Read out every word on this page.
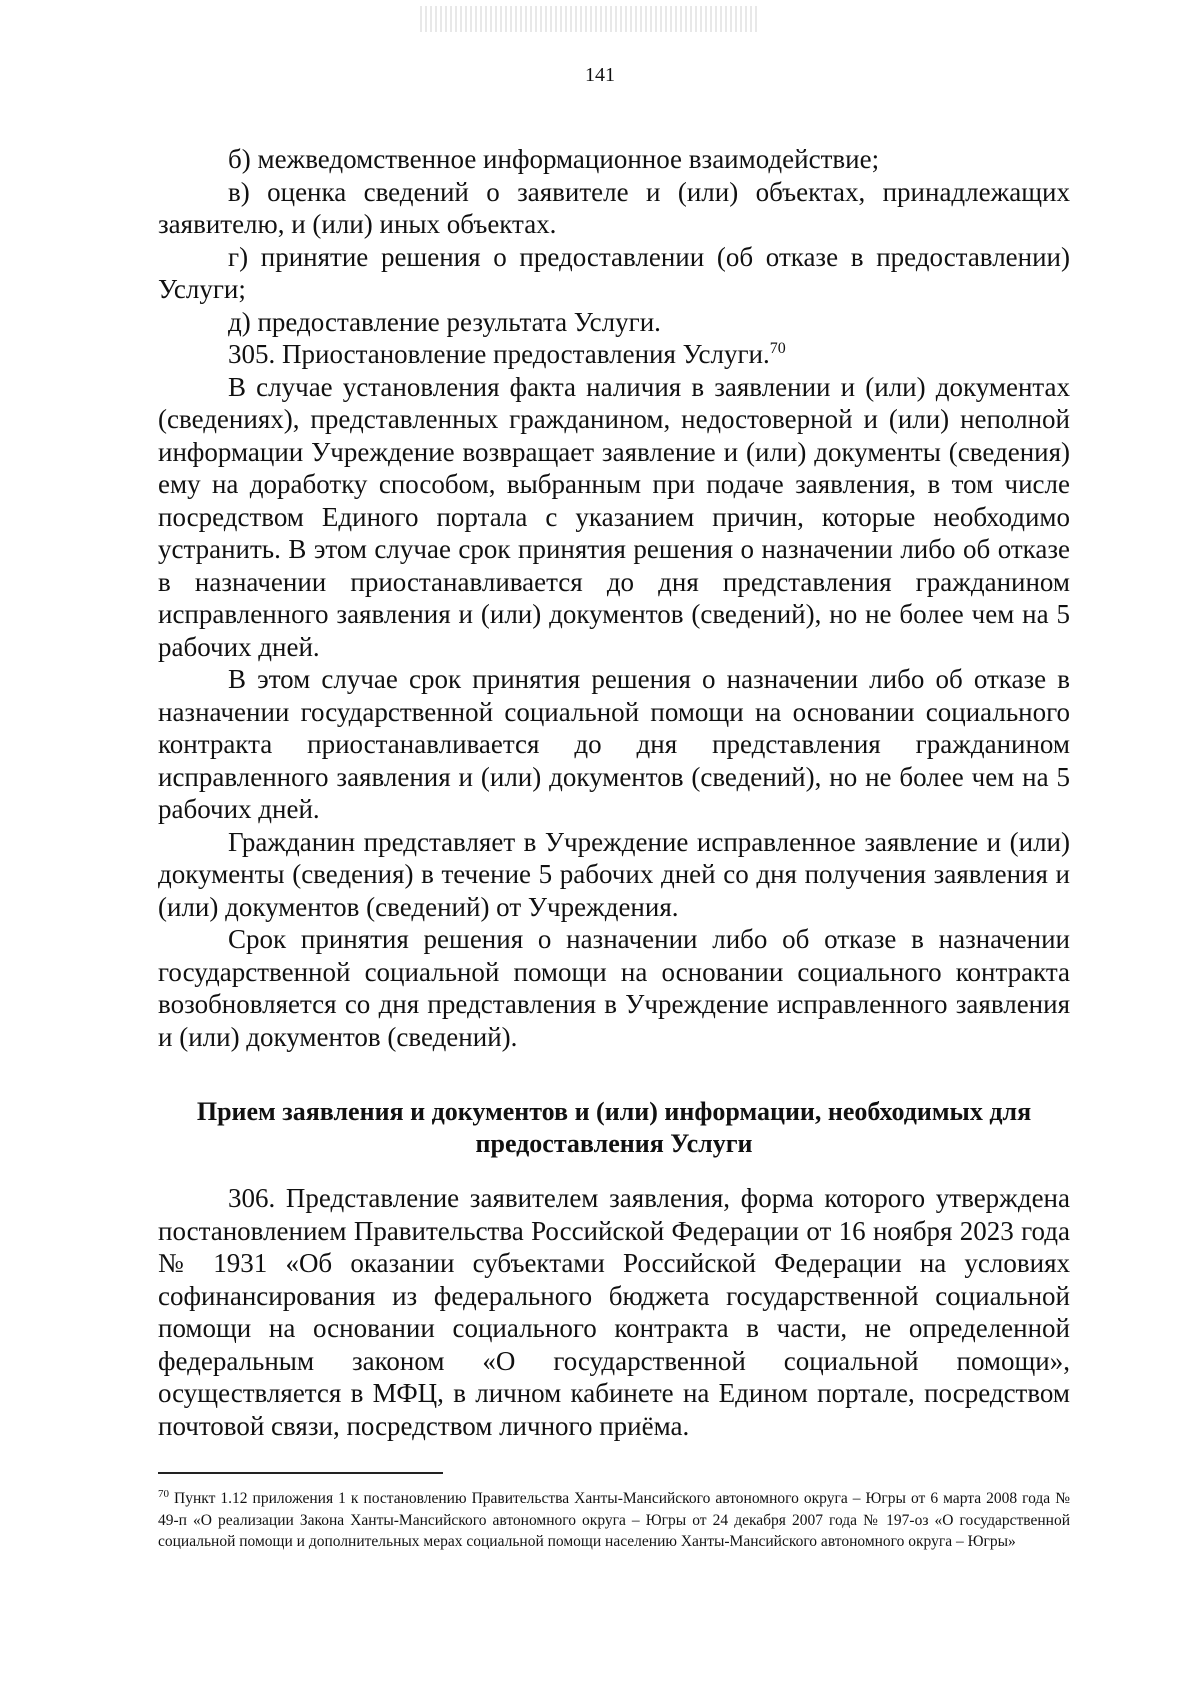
141

б) межведомственное информационное взаимодействие;

в) оценка сведений о заявителе и (или) объектах, принадлежащих заявителю, и (или) иных объектах.

г) принятие решения о предоставлении (об отказе в предоставлении) Услуги;

д) предоставление результата Услуги.

305. Приостановление предоставления Услуги.$^{70}$

В случае установления факта наличия в заявлении и (или) документах (сведениях), представленных гражданином, недостоверной и (или) неполной информации Учреждение возвращает заявление и (или) документы (сведения) ему на доработку способом, выбранным при подаче заявления, в том числе посредством Единого портала с указанием причин, которые необходимо устранить. В этом случае срок принятия решения о назначении либо об отказе в назначении приостанавливается до дня представления гражданином исправленного заявления и (или) документов (сведений), но не более чем на 5 рабочих дней.

В этом случае срок принятия решения о назначении либо об отказе в назначении государственной социальной помощи на основании социального контракта приостанавливается до дня представления гражданином исправленного заявления и (или) документов (сведений), но не более чем на 5 рабочих дней.

Гражданин представляет в Учреждение исправленное заявление и (или) документы (сведения) в течение 5 рабочих дней со дня получения заявления и (или) документов (сведений) от Учреждения.

Срок принятия решения о назначении либо об отказе в назначении государственной социальной помощи на основании социального контракта возобновляется со дня представления в Учреждение исправленного заявления и (или) документов (сведений).

Прием заявления и документов и (или) информации, необходимых для предоставления Услуги

306. Представление заявителем заявления, форма которого утверждена постановлением Правительства Российской Федерации от 16 ноября 2023 года № 1931 «Об оказании субъектами Российской Федерации на условиях софинансирования из федерального бюджета государственной социальной помощи на основании социального контракта в части, не определенной федеральным законом «О государственной социальной помощи», осуществляется в МФЦ, в личном кабинете на Едином портале, посредством почтовой связи, посредством личного приёма.

$^{70}$ Пункт 1.12 приложения 1 к постановлению Правительства Ханты-Мансийского автономного округа – Югры от 6 марта 2008 года № 49-п «О реализации Закона Ханты-Мансийского автономного округа – Югры от 24 декабря 2007 года № 197-оз «О государственной социальной помощи и дополнительных мерах социальной помощи населению Ханты-Мансийского автономного округа – Югры»
